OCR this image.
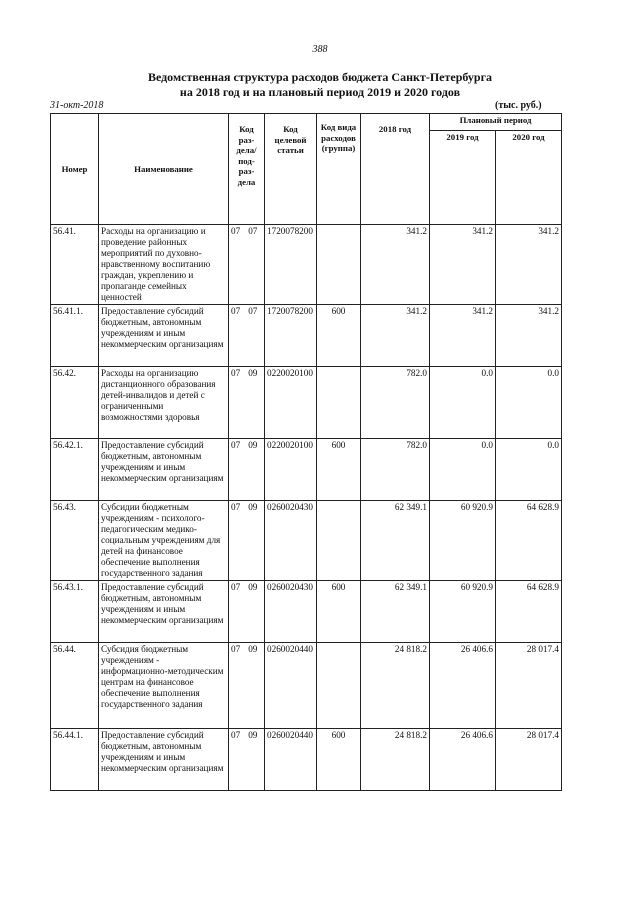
388
Ведомственная структура расходов бюджета Санкт-Петербурга
на 2018 год и на плановый период 2019 и 2020 годов
31-окт-2018	(тыс. руб.)
Номер	Наименование	Код раз-дела/ под-раз-дела	Код целевой статьи	Код вида расходов (группа)	2018 год	Плановый период	
						2019 год	2020 год
56.41.	Расходы на организацию и проведение районных мероприятий по духовно-нравственному воспитанию граждан, укреплению и пропаганде семейных ценностей	07 07	1720078200		341.2	341.2	341.2
56.41.1.	Предоставление субсидий бюджетным, автономным учреждениям и иным некоммерческим организациям	07 07	1720078200	600	341.2	341.2	341.2
56.42.	Расходы на организацию дистанционного образования детей-инвалидов и детей с ограниченными возможностями здоровья	07 09	0220020100		782.0	0.0	0.0
56.42.1.	Предоставление субсидий бюджетным, автономным учреждениям и иным некоммерческим организациям	07 09	0220020100	600	782.0	0.0	0.0
56.43.	Субсидии бюджетным учреждениям - психолого-педагогическим медико-социальным учреждениям для детей на финансовое обеспечение выполнения государственного задания	07 09	0260020430		62 349.1	60 920.9	64 628.9
56.43.1.	Предоставление субсидий бюджетным, автономным учреждениям и иным некоммерческим организациям	07 09	0260020430	600	62 349.1	60 920.9	64 628.9
56.44.	Субсидия бюджетным учреждениям - информационно-методическим центрам на финансовое обеспечение выполнения государственного задания	07 09	0260020440		24 818.2	26 406.6	28 017.4
56.44.1.	Предоставление субсидий бюджетным, автономным учреждениям и иным некоммерческим организациям	07 09	0260020440	600	24 818.2	26 406.6	28 017.4
